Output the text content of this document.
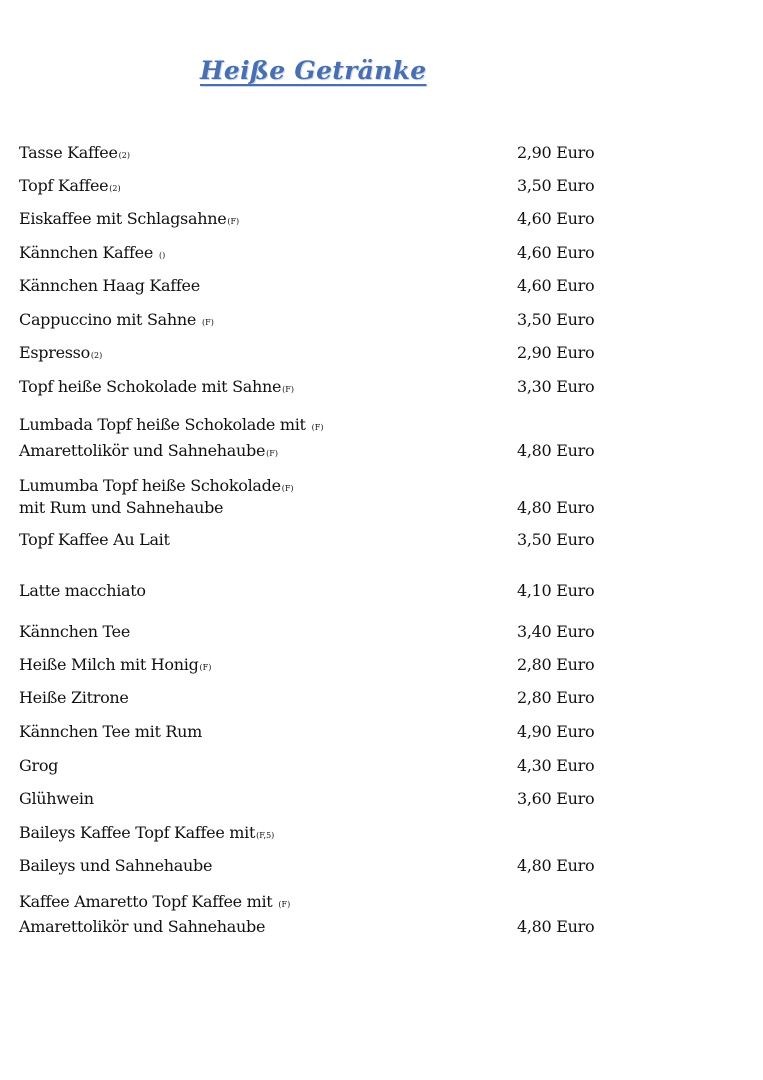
Heiße Getränke
Tasse Kaffee(2)	2,90 Euro
Topf Kaffee(2)	3,50 Euro
Eiskaffee mit Schlagsahne(F)	4,60 Euro
Kännchen Kaffee ()	4,60 Euro
Kännchen Haag Kaffee	4,60 Euro
Cappuccino mit Sahne (F)	3,50 Euro
Espresso(2)	2,90 Euro
Topf heiße Schokolade mit Sahne(F)	3,30 Euro
Lumbada Topf heiße Schokolade mit (F)
Amarettolikör und Sahnehaube(F)	4,80 Euro
Lumumba Topf heiße Schokolade(F)
mit Rum und Sahnehaube	4,80 Euro
Topf Kaffee Au Lait	3,50 Euro
Latte macchiato	4,10 Euro
Kännchen Tee	3,40 Euro
Heiße Milch mit Honig(F)	2,80 Euro
Heiße Zitrone	2,80 Euro
Kännchen Tee mit Rum	4,90 Euro
Grog	4,30 Euro
Glühwein	3,60 Euro
Baileys Kaffee Topf Kaffee mit(F,5)
Baileys und Sahnehaube	4,80 Euro
Kaffee Amaretto Topf Kaffee mit (F)
Amarettolikör und Sahnehaube	4,80 Euro
